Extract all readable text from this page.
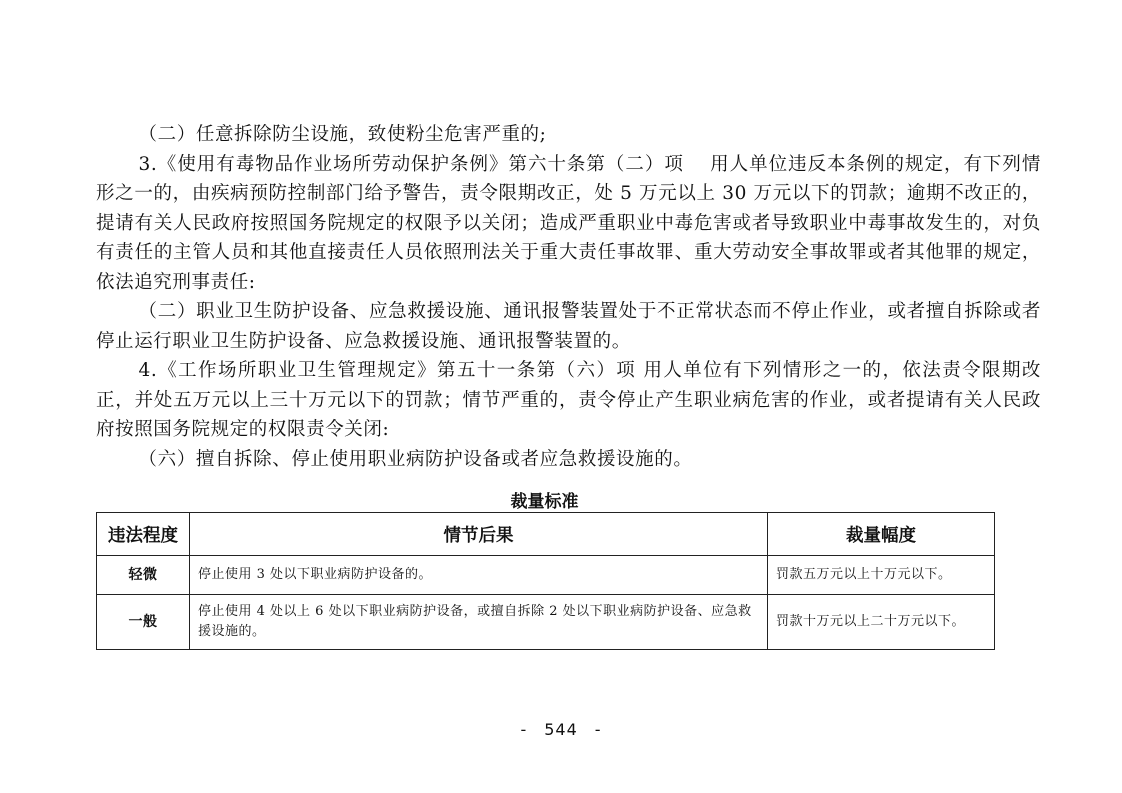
（二）任意拆除防尘设施，致使粉尘危害严重的;

3.《使用有毒物品作业场所劳动保护条例》第六十条第（二）项　 用人单位违反本条例的规定，有下列情形之一的，由疾病预防控制部门给予警告，责令限期改正，处 5 万元以上 30 万元以下的罚款；逾期不改正的，提请有关人民政府按照国务院规定的权限予以关闭；造成严重职业中毒危害或者导致职业中毒事故发生的，对负有责任的主管人员和其他直接责任人员依照刑法关于重大责任事故罪、重大劳动安全事故罪或者其他罪的规定，依法追究刑事责任:

（二）职业卫生防护设备、应急救援设施、通讯报警装置处于不正常状态而不停止作业，或者擅自拆除或者停止运行职业卫生防护设备、应急救援设施、通讯报警装置的。

4.《工作场所职业卫生管理规定》第五十一条第（六）项 用人单位有下列情形之一的，依法责令限期改正，并处五万元以上三十万元以下的罚款；情节严重的，责令停止产生职业病危害的作业，或者提请有关人民政府按照国务院规定的权限责令关闭:

（六）擅自拆除、停止使用职业病防护设备或者应急救援设施的。

裁量标准
违法程度	情节后果	裁量幅度
轻微	停止使用 3 处以下职业病防护设备的。	罚款五万元以上十万元以下。
一般	停止使用 4 处以上 6 处以下职业病防护设备，或擅自拆除 2 处以下职业病防护设备、应急救援设施的。	罚款十万元以上二十万元以下。
-　544　-
